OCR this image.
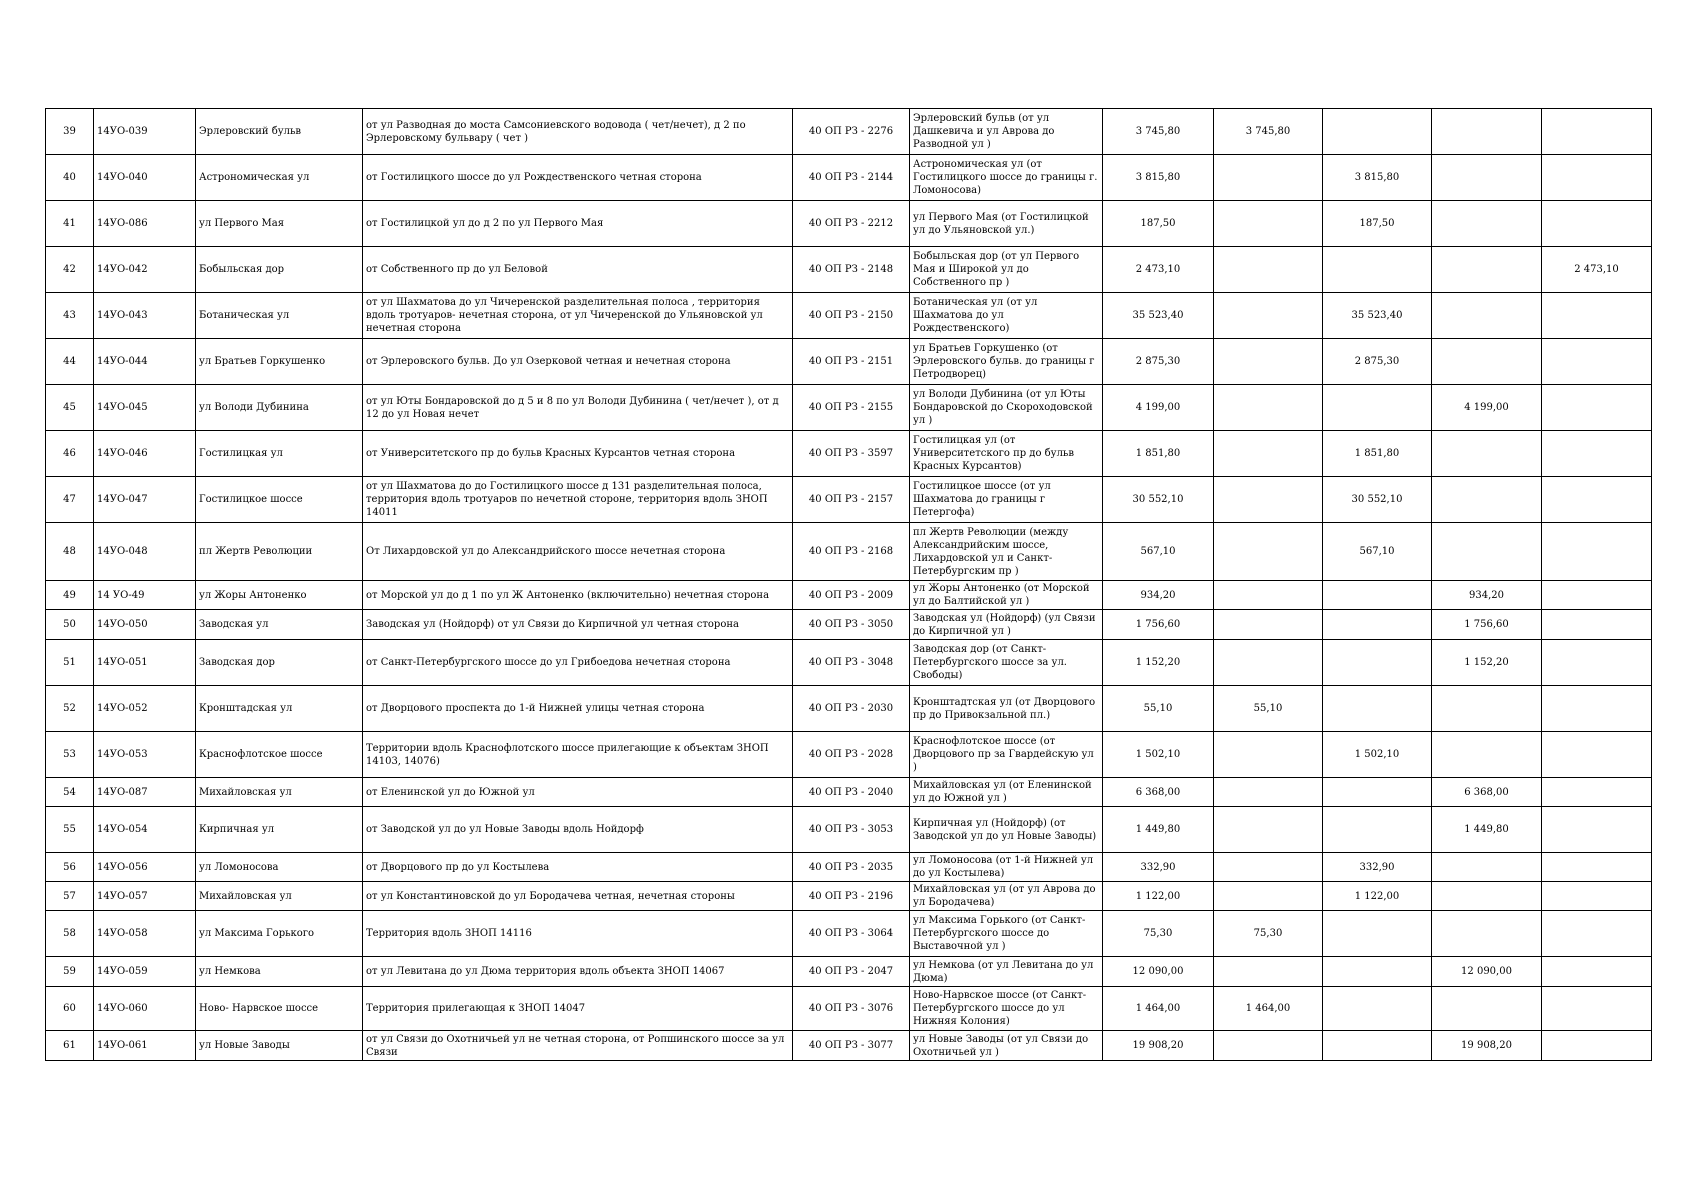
39	14УО-039	Эрлеровский бульв	от ул Разводная до моста Самсониевского водовода ( чет/нечет), д 2 по Эрлеровскому бульвару ( чет )	40 ОП РЗ - 2276	Эрлеровский бульв (от ул Дашкевича и ул Аврова до Разводной ул )	3 745,80	3 745,80			
40	14УО-040	Астрономическая ул	от Гостилицкого шоссе до ул Рождественского четная сторона	40 ОП РЗ - 2144	Астрономическая ул (от Гостилицкого шоссе до границы г. Ломоносова)	3 815,80		3 815,80		
41	14УО-086	ул Первого Мая	от Гостилицкой ул до д 2 по ул Первого Мая	40 ОП РЗ - 2212	ул Первого Мая (от Гостилицкой ул до Ульяновской ул.)	187,50		187,50		
42	14УО-042	Бобыльская дор	от Собственного пр до ул Беловой	40 ОП РЗ - 2148	Бобыльская дор (от ул Первого Мая и Широкой ул до Собственного пр )	2 473,10				2 473,10
43	14УО-043	Ботаническая ул	от ул Шахматова до ул Чичеренской разделительная полоса , территория вдоль тротуаров- нечетная сторона, от ул Чичеренской до Ульяновской ул нечетная сторона	40 ОП РЗ - 2150	Ботаническая ул (от ул Шахматова до ул Рождественского)	35 523,40		35 523,40		
44	14УО-044	ул Братьев Горкушенко	от Эрлеровского бульв. До ул Озерковой четная и нечетная сторона	40 ОП РЗ - 2151	ул Братьев Горкушенко (от Эрлеровского бульв. до границы г Петродворец)	2 875,30		2 875,30		
45	14УО-045	ул Володи Дубинина	от ул Юты Бондаровской до д 5 и 8 по ул Володи Дубинина ( чет/нечет ), от д 12 до ул Новая нечет	40 ОП РЗ - 2155	ул Володи Дубинина (от ул Юты Бондаровской до Скороходовской ул )	4 199,00			4 199,00	
46	14УО-046	Гостилицкая ул	от Университетского пр до бульв Красных Курсантов четная сторона	40 ОП РЗ - 3597	Гостилицкая ул (от Университетского пр до бульв Красных Курсантов)	1 851,80		1 851,80		
47	14УО-047	Гостилицкое шоссе	от ул Шахматова до до Гостилицкого шоссе д 131 разделительная полоса, территория вдоль тротуаров по нечетной стороне, территория вдоль ЗНОП 14011	40 ОП РЗ - 2157	Гостилицкое шоссе (от ул Шахматова до границы г Петергофа)	30 552,10		30 552,10		
48	14УО-048	пл Жертв Революции	От Лихардовской ул до Александрийского шоссе нечетная сторона	40 ОП РЗ - 2168	пл Жертв Революции (между Александрийским шоссе, Лихардовской ул и Санкт-Петербургским пр )	567,10		567,10		
49	14 УО-49	ул Жоры Антоненко	от Морской ул до д 1 по ул Ж Антоненко (включительно) нечетная сторона	40 ОП РЗ - 2009	ул Жоры Антоненко (от Морской ул до Балтийской ул )	934,20			934,20	
50	14УО-050	Заводская ул	Заводская ул (Нойдорф) от ул Связи до Кирпичной ул четная сторона	40 ОП РЗ - 3050	Заводская ул (Нойдорф) (ул Связи до Кирпичной ул )	1 756,60			1 756,60	
51	14УО-051	Заводская дор	от Санкт-Петербургского шоссе до ул Грибоедова нечетная сторона	40 ОП РЗ - 3048	Заводская дор (от Санкт-Петербургского шоссе за ул. Свободы)	1 152,20			1 152,20	
52	14УО-052	Кронштадская ул	от Дворцового проспекта до 1-й Нижней улицы четная сторона	40 ОП РЗ - 2030	Кронштадтская ул (от Дворцового пр до Привокзальной пл.)	55,10	55,10			
53	14УО-053	Краснофлотское шоссе	Территории вдоль Краснофлотского шоссе прилегающие к объектам ЗНОП 14103, 14076)	40 ОП РЗ - 2028	Краснофлотское шоссе (от Дворцового пр за Гвардейскую ул )	1 502,10		1 502,10		
54	14УО-087	Михайловская ул	от Еленинской ул до Южной ул	40 ОП РЗ - 2040	Михайловская ул (от Еленинской ул до Южной ул )	6 368,00			6 368,00	
55	14УО-054	Кирпичная ул	от Заводской ул до ул Новые Заводы вдоль Нойдорф	40 ОП РЗ - 3053	Кирпичная ул (Нойдорф) (от Заводской ул до ул Новые Заводы)	1 449,80			1 449,80	
56	14УО-056	ул Ломоносова	от Дворцового пр до ул Костылева	40 ОП РЗ - 2035	ул Ломоносова (от 1-й Нижней ул до ул Костылева)	332,90		332,90		
57	14УО-057	Михайловская ул	от ул Константиновской до ул Бородачева четная, нечетная стороны	40 ОП РЗ - 2196	Михайловская ул (от ул Аврова до ул Бородачева)	1 122,00		1 122,00		
58	14УО-058	ул Максима Горького	Территория вдоль ЗНОП 14116	40 ОП РЗ - 3064	ул Максима Горького (от Санкт-Петербургского шоссе до Выставочной ул )	75,30	75,30			
59	14УО-059	ул Немкова	от ул Левитана до ул Дюма территория вдоль объекта ЗНОП 14067	40 ОП РЗ - 2047	ул Немкова (от ул Левитана до ул Дюма)	12 090,00			12 090,00	
60	14УО-060	Ново- Нарвское шоссе	Территория прилегающая к ЗНОП 14047	40 ОП РЗ - 3076	Ново-Нарвское шоссе (от Санкт-Петербургского шоссе до ул Нижняя Колония)	1 464,00	1 464,00			
61	14УО-061	ул Новые Заводы	от ул Связи до Охотничьей ул не четная сторона, от Ропшинского шоссе за ул Связи	40 ОП РЗ - 3077	ул Новые Заводы (от ул Связи до Охотничьей ул )	19 908,20			19 908,20	
